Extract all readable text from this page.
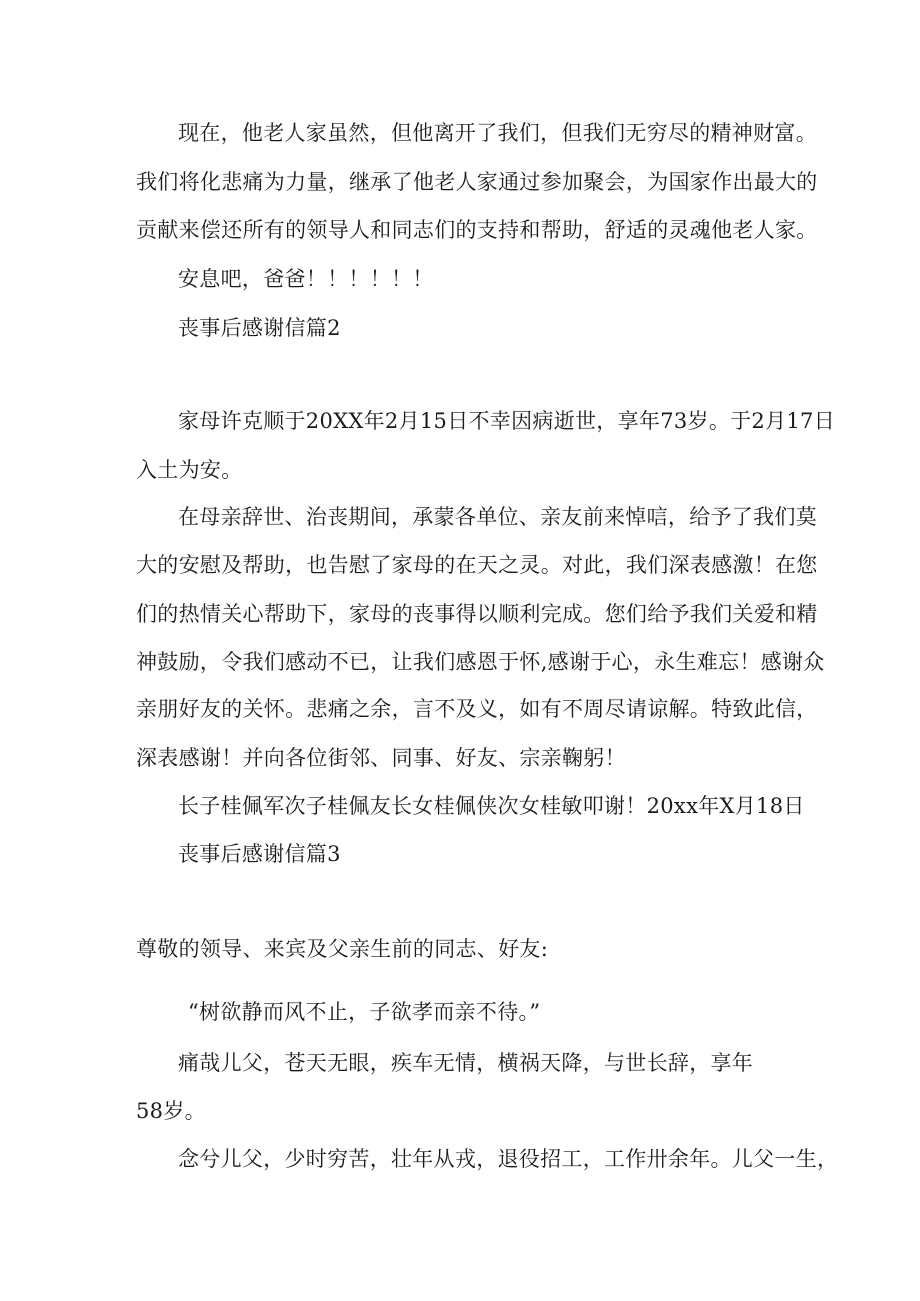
现在，他老人家虽然，但他离开了我们，但我们无穷尽的精神财富。
我们将化悲痛为力量，继承了他老人家通过参加聚会，为国家作出最大的
贡献来偿还所有的领导人和同志们的支持和帮助，舒适的灵魂他老人家。
安息吧，爸爸！！！！！！
丧事后感谢信篇2
家母许克顺于20XX年2月15日不幸因病逝世，享年73岁。于2月17日
入土为安。
在母亲辞世、治丧期间，承蒙各单位、亲友前来悼唁，给予了我们莫
大的安慰及帮助，也告慰了家母的在天之灵。对此，我们深表感激！在您
们的热情关心帮助下，家母的丧事得以顺利完成。您们给予我们关爱和精
神鼓励，令我们感动不已，让我们感恩于怀,感谢于心，永生难忘！感谢众
亲朋好友的关怀。悲痛之余，言不及义，如有不周尽请谅解。特致此信，
深表感谢！并向各位街邻、同事、好友、宗亲鞠躬！
长子桂佩军次子桂佩友长女桂佩侠次女桂敏叩谢！20xx年X月18日
丧事后感谢信篇3
尊敬的领导、来宾及父亲生前的同志、好友:
“树欲静而风不止，子欲孝而亲不待。”
痛哉儿父，苍天无眼，疾车无情，横祸天降，与世长辞，享年
58岁。
念兮儿父，少时穷苦，壮年从戎，退役招工，工作卅余年。儿父一生，
